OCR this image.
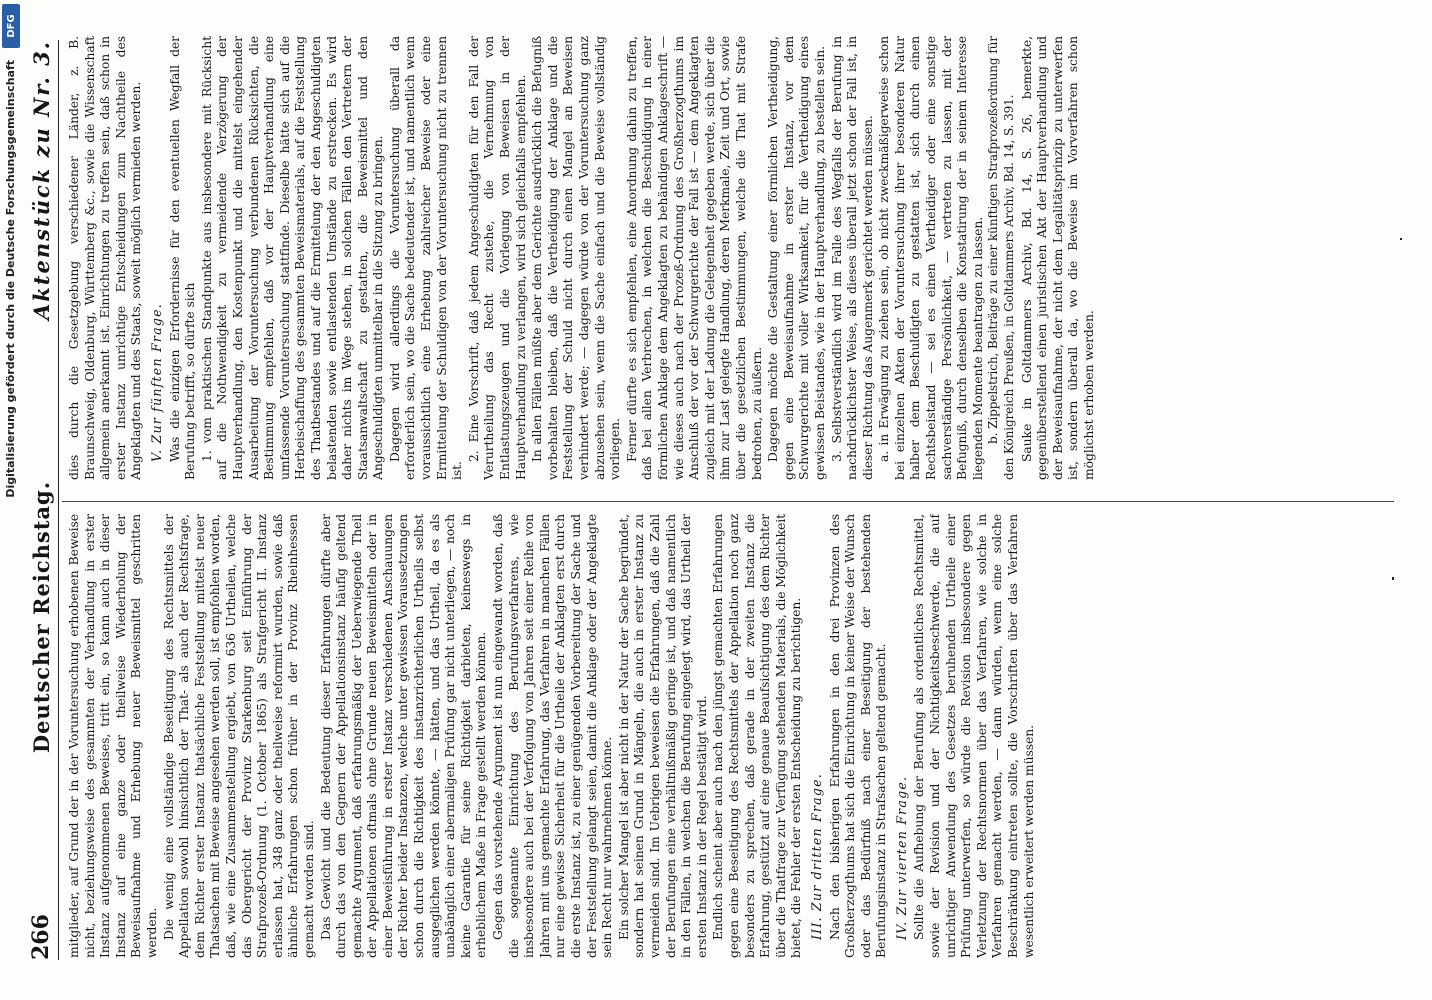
266
Deutscher Reichstag.
Aktenstück zu Nr. 3.

mitglieder, auf Grund der in der Voruntersuchung erhobenen Beweise nicht, beziehungsweise des gesammten der Verhandlung in erster Instanz aufgenommenen Beweises, tritt ein, so kann auch in dieser Instanz auf eine ganze oder theilweise Wiederholung der Beweisaufnahme und Erhebung neuer Beweismittel geschritten werden. Die wenig eine vollständige Beseitigung des Rechtsmittels der Appellation sowohl hinsichtlich der That- als auch der Rechtsfrage, dem Richter erster Instanz thatsächliche Feststellung mittelst neuer Thatsachen mit Beweise angesehen werden soll, ist empfohlen worden, daß, wie eine Zusammenstellung ergiebt, von 636 Urtheilen, welche das Obergericht der Provinz Starkenburg seit Einführung der Strafprozeß-Ordnung (1. October 1865) als Strafgericht II. Instanz erlassen hat, 348 ganz oder theilweise reformirt wurden, sowie daß ähnliche Erfahrungen schon früher in der Provinz Rheinhessen gemacht worden sind. Das Gewicht und die Bedeutung dieser Erfahrungen dürfte aber durch das von den Gegnern der Appellationsinstanz häufig geltend gemachte Argument, daß erfahrungsmäßig der Ueberwiegende Theil der Appellationen oftmals ohne Grunde neuen Beweismitteln oder in einer Beweisführung in erster Instanz verschiedenen Anschauungen der Richter beider Instanzen, welche unter gewissen Voraussetzungen schon durch die Richtigkeit des instanzrichterlichen Urtheils selbst ausgeglichen werden könnte, — hätten, und das Urtheil, da es als unabänglich einer abermaligen Prüfung gar nicht unterliegen, — noch keine Garantie für seine Richtigkeit darbieten, keineswegs in erheblichem Maße in Frage gestellt werden können. Gegen das vorstehende Argument ist nun eingewandt worden, daß die sogenannte Einrichtung des Berufungsverfahrens, wie insbesondere auch bei der Verfolgung von Jahren seit einer Reihe von Jahren mit uns gemachte Erfahrung, das Verfahren in manchen Fällen nur eine gewisse Sicherheit für die Urtheile der Anklagten erst durch die erste Instanz ist, zu einer genügenden Vorbereitung der Sache und der Feststellung gelangt seien, damit die Anklage oder der Angeklagte sein Recht nur wahrnehmen könne. Ein solcher Mangel ist aber nicht in der Natur der Sache begründet, sondern hat seinen Grund in Mängeln, die auch in erster Instanz zu vermeiden sind. Im Uebrigen beweisen die Erfahrungen, daß die Zahl der Berufungen eine verhältnißmäßig geringe ist, und daß namentlich in den Fällen, in welchen die Berufung eingelegt wird, das Urtheil der ersten Instanz in der Regel bestätigt wird. Endlich scheint aber auch nach den jüngst gemachten Erfahrungen gegen eine Beseitigung des Rechtsmittels der Appellation noch ganz besonders zu sprechen, daß gerade in der zweiten Instanz die Erfahrung, gestützt auf eine genaue Beaufsichtigung des dem Richter über die Thatfrage zur Verfügung stehenden Materials, die Möglichkeit bietet, die Fehler der ersten Entscheidung zu berichtigen. III. Zur dritten Frage. Nach den bisherigen Erfahrungen in den drei Provinzen des Großherzogthums hat sich die Einrichtung in keiner Weise der Wunsch oder das Bedürfniß nach einer Beseitigung der bestehenden Berufungsinstanz in Strafsachen geltend gemacht. IV. Zur vierten Frage. Sollte die Aufhebung der Berufung als ordentliches Rechtsmittel, sowie der Revision und der Nichtigkeitsbeschwerde, die auf unrichtiger Anwendung des Gesetzes beruhenden Urtheile einer Prüfung unterwerfen, so würde die Revision insbesondere gegen Verletzung der Rechtsnormen über das Verfahren, wie solche in Verfahren gemacht werden, — dann würden, wenn eine solche Beschränkung eintreten sollte, die Vorschriften über das Verfahren wesentlich erweitert werden müssen.

dies durch die Gesetzgebung verschiedener Länder, z. B. Braunschweig, Oldenburg, Württemberg &c., sowie die Wissenschaft allgemein anerkannt ist. Einrichtungen zu treffen sein, daß schon in erster Instanz unrichtige Entscheidungen zum Nachtheile des Angeklagten und des Staats, soweit möglich vermieden werden. V. Zur fünften Frage. Was die einzigen Erfordernisse für den eventuellen Wegfall der Berufung betrifft, so dürfte sich 1. vom praktischen Standpunkte aus insbesondere mit Rücksicht auf die Nothwendigkeit zu vermeidende Verzögerung der Hauptverhandlung, den Kostenpunkt und die mittelst eingehender Ausarbeitung der Voruntersuchung verbundenen Rücksichten, die Bestimmung empfehlen, daß vor der Hauptverhandlung eine umfassende Voruntersuchung stattfinde. Dieselbe hätte sich auf die Herbeischaffung des gesammten Beweismaterials, auf die Feststellung des Thatbestandes und auf die Ermittelung der den Angeschuldigten belastenden sowie entlastenden Umstände zu erstrecken. Es wird daher nichts im Wege stehen, in solchen Fällen den Vertretern der Staatsanwaltschaft zu gestatten, die Beweismittel und den Angeschuldigten unmittelbar in die Sitzung zu bringen. Dagegen wird allerdings die Voruntersuchung überall da erforderlich sein, wo die Sache bedeutender ist, und namentlich wenn voraussichtlich eine Erhebung zahlreicher Beweise oder eine Ermittelung der Schuldigen von der Voruntersuchung nicht zu trennen ist.

2. Eine Vorschrift, daß jedem Angeschuldigten für den Fall der Verurtheilung das Recht zustehe, die Vernehmung von Entlastungszeugen und die Vorlegung von Beweisen in der Hauptverhandlung zu verlangen, wird sich gleichfalls empfehlen. In allen Fällen müßte aber dem Gerichte ausdrücklich die Befugniß vorbehalten bleiben, daß die Vertheidigung der Anklage und die Feststellung der Schuld nicht durch einen Mangel an Beweisen verhindert werde; — dagegen würde von der Voruntersuchung ganz abzusehen sein, wenn die Sache einfach und die Beweise vollständig vorliegen. Ferner dürfte es sich empfehlen, eine Anordnung dahin zu treffen, daß bei allen Verbrechen, in welchen die Beschuldigung in einer förmlichen Anklage dem Angeklagten zu behändigen Anklageschrift — wie dieses auch nach der Prozeß-Ordnung des Großherzogthums im Anschluß der vor der Schwurgerichte der Fall ist — dem Angeklagten zugleich mit der Ladung die Gelegenheit gegeben werde, sich über die ihm zur Last gelegte Handlung, deren Merkmale, Zeit und Ort, sowie über die gesetzlichen Bestimmungen, welche die That mit Strafe bedrohen, zu äußern. Dagegen möchte die Gestaltung einer förmlichen Vertheidigung, gegen eine Beweisaufnahme in erster Instanz, vor dem Schwurgerichte mit voller Wirksamkeit, für die Vertheidigung eines gewissen Beistandes, wie in der Hauptverhandlung, zu bestellen sein. 3. Selbstverständlich wird im Falle des Wegfalls der Berufung in nachdrücklichster Weise, als dieses überall jetzt schon der Fall ist, in dieser Richtung das Augenmerk gerichtet werden müssen. a. in Erwägung zu ziehen sein, ob nicht zweckmäßigerweise schon bei einzelnen Akten der Voruntersuchung ihrer besonderen Natur halber dem Beschuldigten zu gestatten ist, sich durch einen Rechtsbeistand — sei es einen Vertheidiger oder eine sonstige sachverständige Persönlichkeit, — vertreten zu lassen, mit der Befugniß, durch denselben die Konstatirung der in seinem Interesse liegenden Momente beantragen zu lassen. b. Zippelstrich, Beiträge zu einer künftigen Strafprozeßordnung für den Königreich Preußen, in Goltdammers Archiv, Bd. 14, S. 391. Sauke in Goltdammers Archiv, Bd. 14, S. 26, bemerkte, gegenüberstellend einen juristischen Akt der Hauptverhandlung und der Beweisaufnahme, der nicht dem Legalitätsprinzip zu unterwerfen ist, sondern überall da, wo die Beweise im Vorverfahren schon möglichst erhoben werden.

Digitalisierung gefördert durch die Deutsche Forschungsgemeinschaft
DFG
